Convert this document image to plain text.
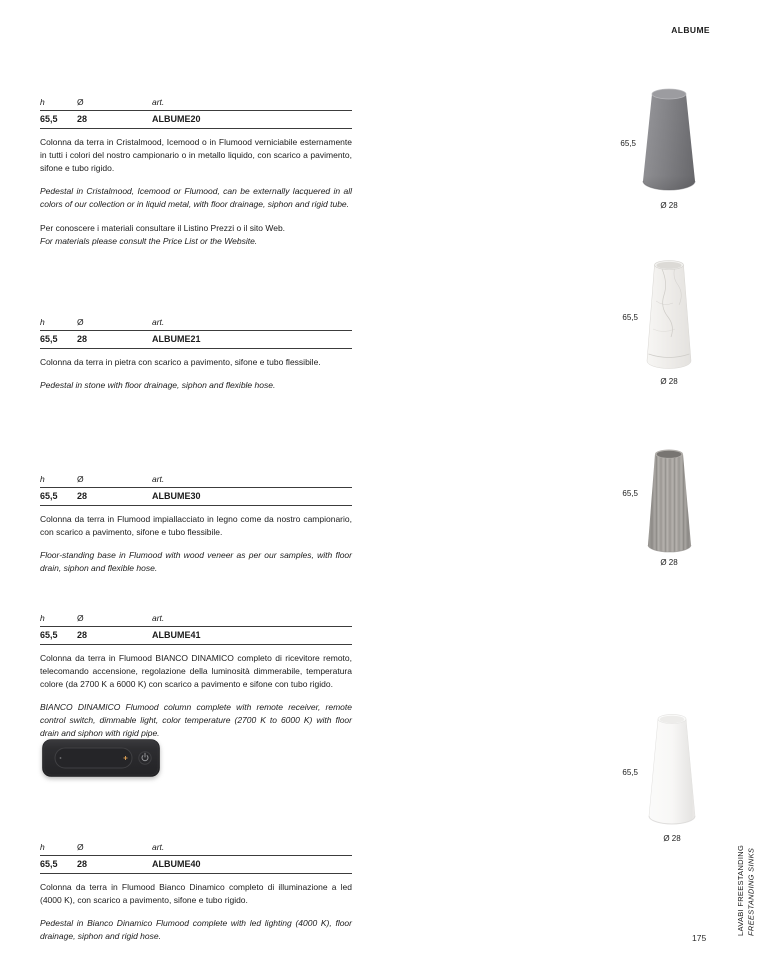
ALBUME
h	Ø	art.
65,5	28	ALBUME20

Colonna da terra in Cristalmood, Icemood o in Flumood verniciabile esternamente in tutti i colori del nostro campionario o in metallo liquido, con scarico a pavimento, sifone e tubo rigido.

Pedestal in Cristalmood, Icemood or Flumood, can be externally lacquered in all colors of our collection or in liquid metal, with floor drainage, siphon and rigid tube.

Per conoscere i materiali consultare il Listino Prezzi o il sito Web.
For materials please consult the Price List or the Website.
h	Ø	art.
65,5	28	ALBUME21

Colonna da terra in pietra con scarico a pavimento, sifone e tubo flessibile.

Pedestal in stone with floor drainage, siphon and flexible hose.

h	Ø	art.
65,5	28	ALBUME30

Colonna da terra in Flumood impiallacciato in legno come da nostro campionario, con scarico a pavimento, sifone e tubo flessibile.

Floor-standing base in Flumood with wood veneer as per our samples, with floor drain, siphon and flexible hose.

h	Ø	art.
65,5	28	ALBUME41

Colonna da terra in Flumood BIANCO DINAMICO completo di ricevitore remoto, telecomando accensione, regolazione della luminosità dimmerabile, temperatura colore (da 2700 K a 6000 K) con scarico a pavimento e sifone con tubo rigido.

BIANCO DINAMICO Flumood column complete with remote receiver, remote control switch, dimmable light, color temperature (2700 K to 6000 K) with floor drain and siphon with rigid pipe.

h	Ø	art.
65,5	28	ALBUME40

Colonna da terra in Flumood Bianco Dinamico completo di illuminazione a led (4000 K), con scarico a pavimento, sifone e tubo rigido.

Pedestal in Bianco Dinamico Flumood complete with led lighting (4000 K), floor drainage, siphon and rigid hose.

65,5
Ø 28
65,5
Ø 28
65,5
Ø 28
65,5
Ø 28
LAVABI FREESTANDING FREESTANDING SINKS
175
